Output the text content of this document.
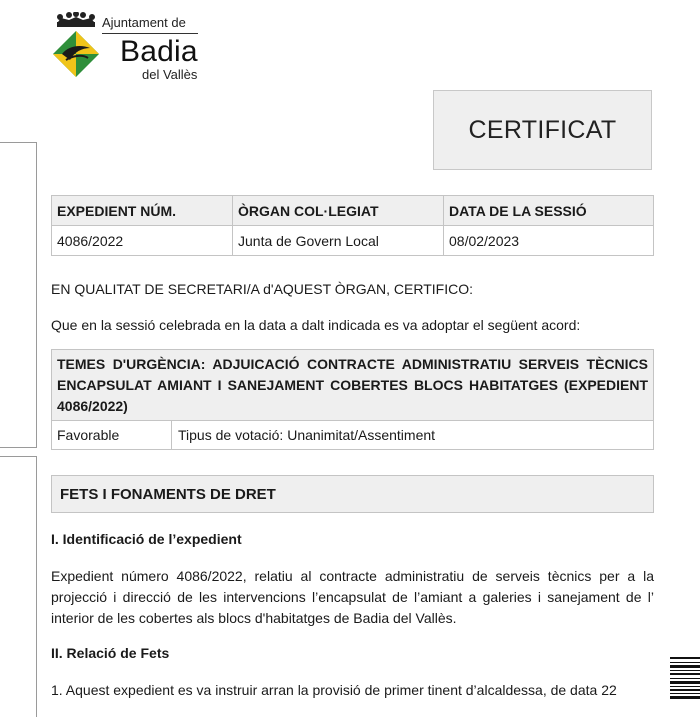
Ajuntament de
Badia
del Vallès
CERTIFICAT
EXPEDIENT NÚM.	ÒRGAN COL·LEGIAT	DATA DE LA SESSIÓ
4086/2022	Junta de Govern Local	08/02/2023
EN QUALITAT DE SECRETARI/A d'AQUEST ÒRGAN, CERTIFICO:
Que en la sessió celebrada en la data a dalt indicada es va adoptar el següent acord:
TEMES D'URGÈNCIA: ADJUICACIÓ CONTRACTE ADMINISTRATIU SERVEIS TÈCNICS ENCAPSULAT AMIANT I SANEJAMENT COBERTES BLOCS HABITATGES (EXPEDIENT 4086/2022)
Favorable	Tipus de votació: Unanimitat/Assentiment
FETS I FONAMENTS DE DRET
I. Identificació de l’expedient
Expedient número 4086/2022, relatiu al contracte administratiu de serveis tècnics per a la projecció i direcció de les intervencions l’encapsulat de l’amiant a galeries i sanejament de l’ interior de les cobertes als blocs d'habitatges de Badia del Vallès.
II. Relació de Fets
1. Aquest expedient es va instruir arran la provisió de primer tinent d’alcaldessa, de data 22
